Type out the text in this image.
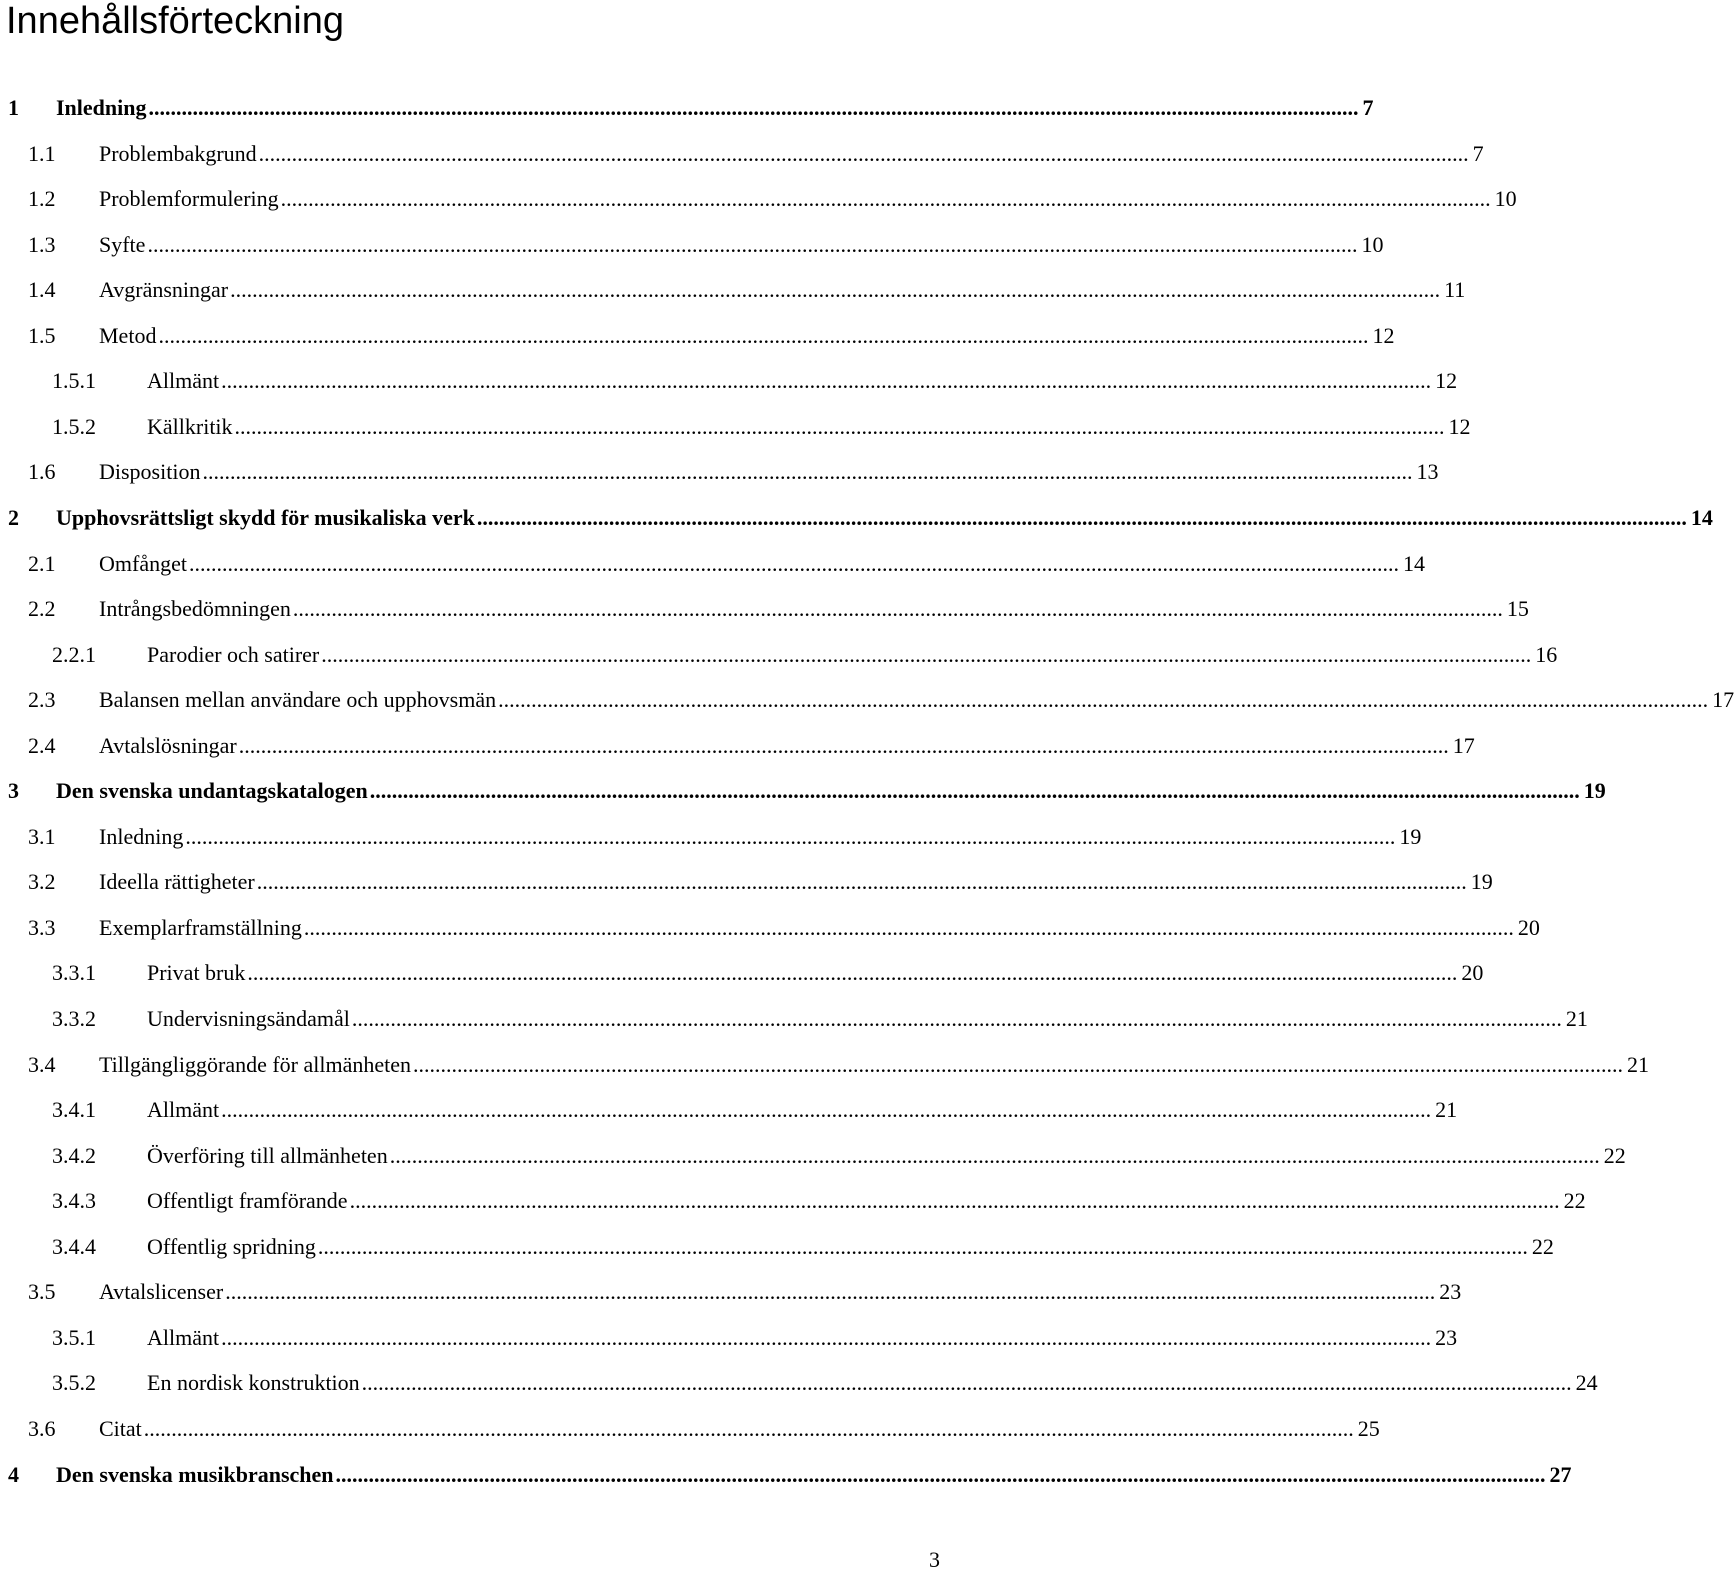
Innehållsförteckning
1 Inledning ............................................................................................................................................................................................................................ 7
1.1 Problembakgrund ............................................................................................................................................................................................................................ 7
1.2 Problemformulering ............................................................................................................................................................................................................................ 10
1.3 Syfte ............................................................................................................................................................................................................................ 10
1.4 Avgränsningar ............................................................................................................................................................................................................................ 11
1.5 Metod ............................................................................................................................................................................................................................ 12
1.5.1 Allmänt ............................................................................................................................................................................................................................ 12
1.5.2 Källkritik ............................................................................................................................................................................................................................ 12
1.6 Disposition ............................................................................................................................................................................................................................ 13
2 Upphovsrättsligt skydd för musikaliska verk ............................................................................................................................................................................................................................ 14
2.1 Omfånget ............................................................................................................................................................................................................................ 14
2.2 Intrångsbedömningen ............................................................................................................................................................................................................................ 15
2.2.1 Parodier och satirer ............................................................................................................................................................................................................................ 16
2.3 Balansen mellan användare och upphovsmän ............................................................................................................................................................................................................................ 17
2.4 Avtalslösningar ............................................................................................................................................................................................................................ 17
3 Den svenska undantagskatalogen ............................................................................................................................................................................................................................ 19
3.1 Inledning ............................................................................................................................................................................................................................ 19
3.2 Ideella rättigheter ............................................................................................................................................................................................................................ 19
3.3 Exemplarframställning ............................................................................................................................................................................................................................ 20
3.3.1 Privat bruk ............................................................................................................................................................................................................................ 20
3.3.2 Undervisningsändamål ............................................................................................................................................................................................................................ 21
3.4 Tillgängliggörande för allmänheten ............................................................................................................................................................................................................................ 21
3.4.1 Allmänt ............................................................................................................................................................................................................................ 21
3.4.2 Överföring till allmänheten ............................................................................................................................................................................................................................ 22
3.4.3 Offentligt framförande ............................................................................................................................................................................................................................ 22
3.4.4 Offentlig spridning ............................................................................................................................................................................................................................ 22
3.5 Avtalslicenser ............................................................................................................................................................................................................................ 23
3.5.1 Allmänt ............................................................................................................................................................................................................................ 23
3.5.2 En nordisk konstruktion ............................................................................................................................................................................................................................ 24
3.6 Citat ............................................................................................................................................................................................................................ 25
4 Den svenska musikbranschen ............................................................................................................................................................................................................................ 27
3
